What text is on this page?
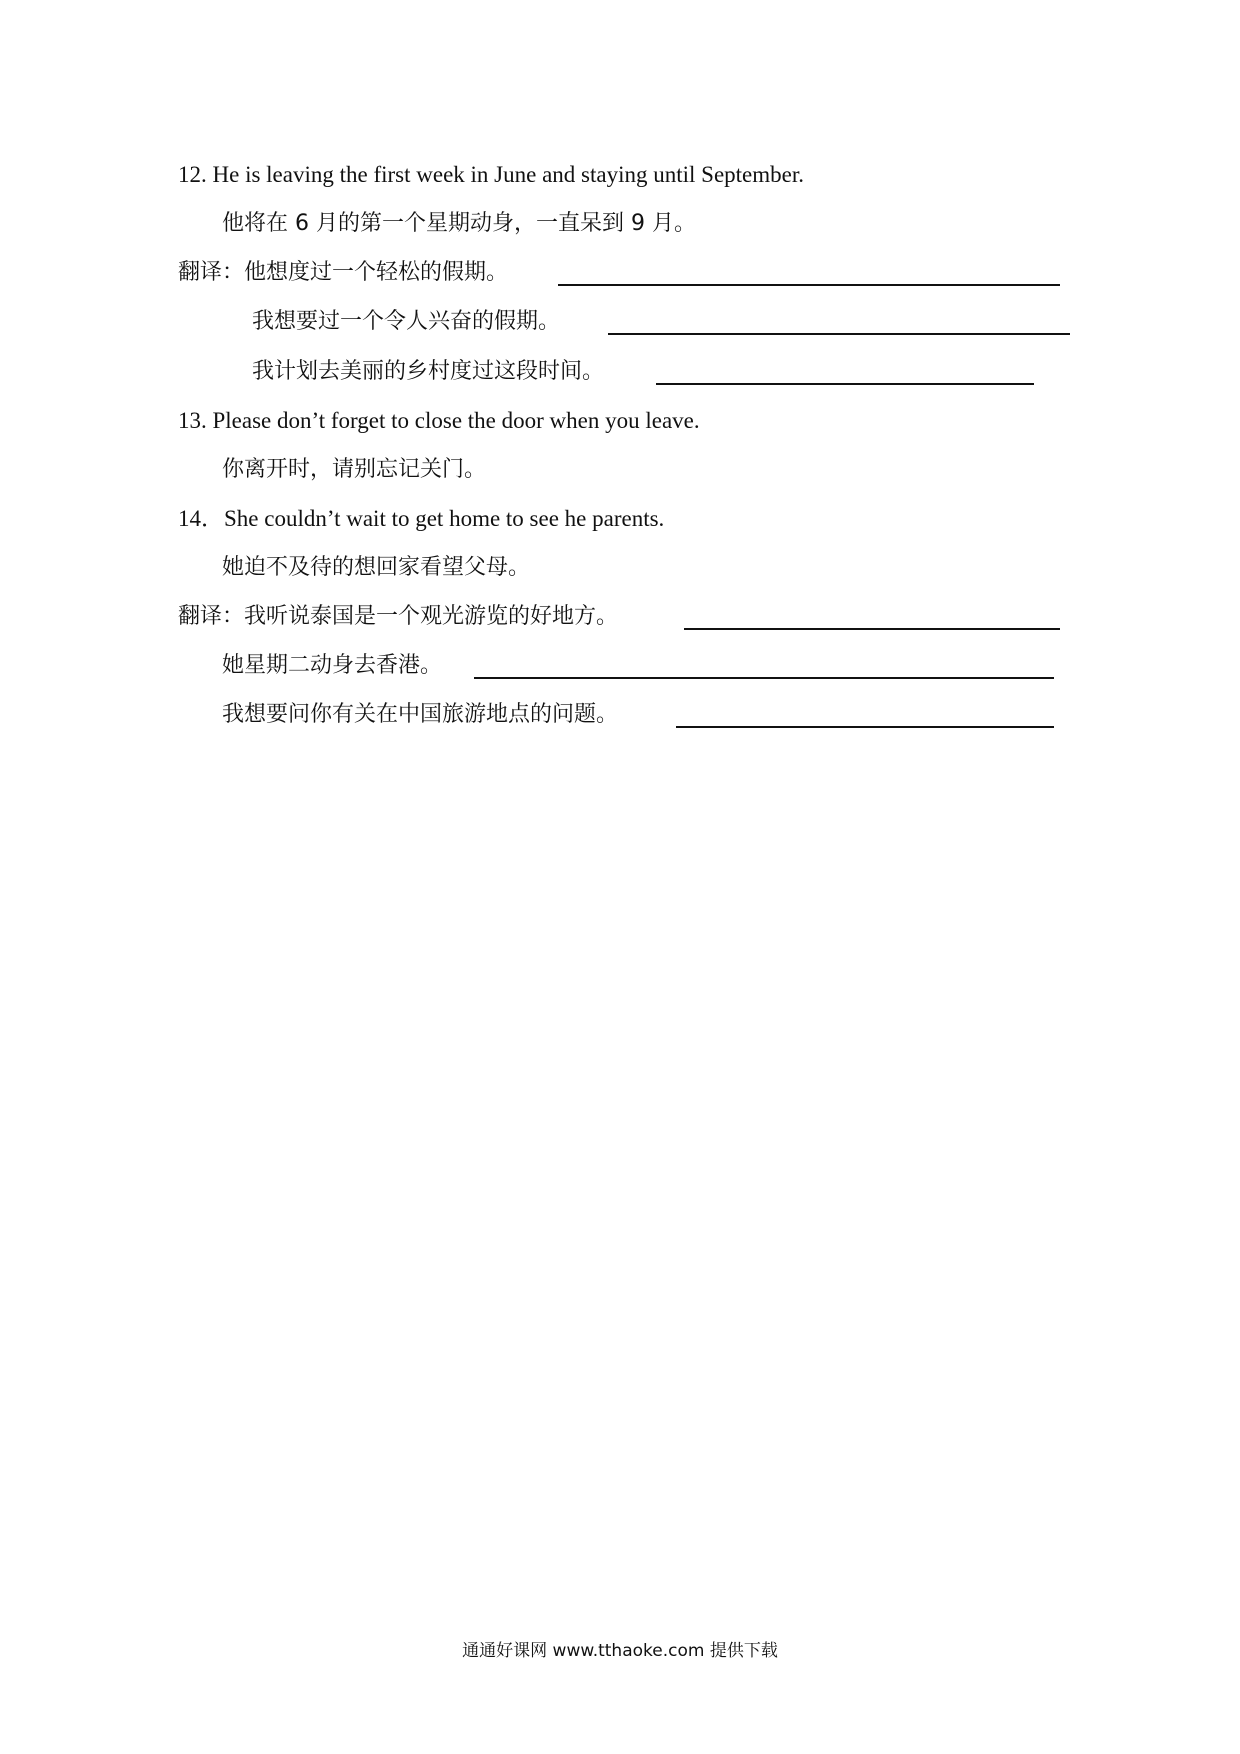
12. He is leaving the first week in June and staying until September.
他将在 6 月的第一个星期动身，一直呆到 9 月。
翻译：他想度过一个轻松的假期。
我想要过一个令人兴奋的假期。
我计划去美丽的乡村度过这段时间。
13. Please don’t forget to close the door when you leave.
你离开时，请别忘记关门。
14．She couldn’t wait to get home to see he parents.
她迫不及待的想回家看望父母。
翻译：我听说泰国是一个观光游览的好地方。
她星期二动身去香港。
我想要问你有关在中国旅游地点的问题。
通通好课网 www.tthaoke.com 提供下载
